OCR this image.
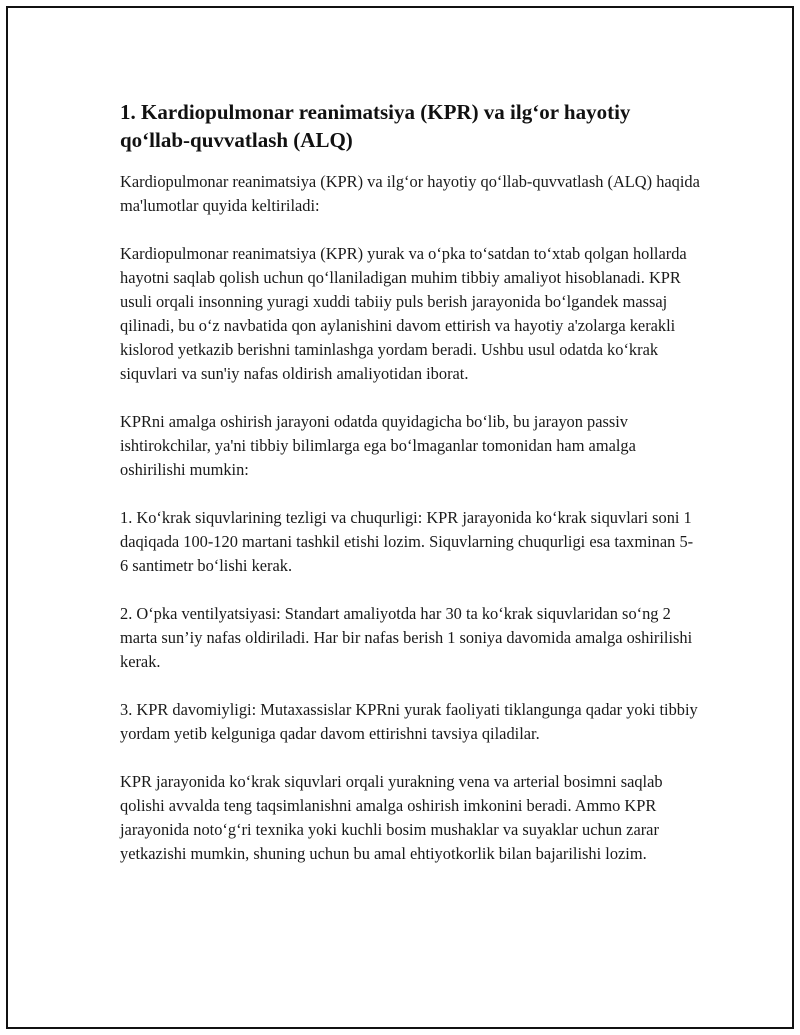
1. Kardiopulmonar reanimatsiya (KPR) va ilg‘or hayotiy qo‘llab-quvvatlash (ALQ)

Kardiopulmonar reanimatsiya (KPR) va ilg‘or hayotiy qo‘llab-quvvatlash (ALQ) haqida ma'lumotlar quyida keltiriladi:

Kardiopulmonar reanimatsiya (KPR) yurak va o‘pka to‘satdan to‘xtab qolgan hollarda hayotni saqlab qolish uchun qo‘llaniladigan muhim tibbiy amaliyot hisoblanadi. KPR usuli orqali insonning yuragi xuddi tabiiy puls berish jarayonida bo‘lgandek massaj qilinadi, bu o‘z navbatida qon aylanishini davom ettirish va hayotiy a'zolarga kerakli kislorod yetkazib berishni taminlashga yordam beradi. Ushbu usul odatda ko‘krak siquvlari va sun'iy nafas oldirish amaliyotidan iborat.

KPRni amalga oshirish jarayoni odatda quyidagicha bo‘lib, bu jarayon passiv ishtirokchilar, ya'ni tibbiy bilimlarga ega bo‘lmaganlar tomonidan ham amalga oshirilishi mumkin:

1. Ko‘krak siquvlarining tezligi va chuqurligi: KPR jarayonida ko‘krak siquvlari soni 1 daqiqada 100-120 martani tashkil etishi lozim. Siquvlarning chuqurligi esa taxminan 5-6 santimetr bo‘lishi kerak.

2. O‘pka ventilyatsiyasi: Standart amaliyotda har 30 ta ko‘krak siquvlaridan so‘ng 2 marta sun’iy nafas oldiriladi. Har bir nafas berish 1 soniya davomida amalga oshirilishi kerak.

3. KPR davomiyligi: Mutaxassislar KPRni yurak faoliyati tiklangunga qadar yoki tibbiy yordam yetib kelguniga qadar davom ettirishni tavsiya qiladilar.

KPR jarayonida ko‘krak siquvlari orqali yurakning vena va arterial bosimni saqlab qolishi avvalda teng taqsimlanishni amalga oshirish imkonini beradi. Ammo KPR jarayonida noto‘g‘ri texnika yoki kuchli bosim mushaklar va suyaklar uchun zarar yetkazishi mumkin, shuning uchun bu amal ehtiyotkorlik bilan bajarilishi lozim.
